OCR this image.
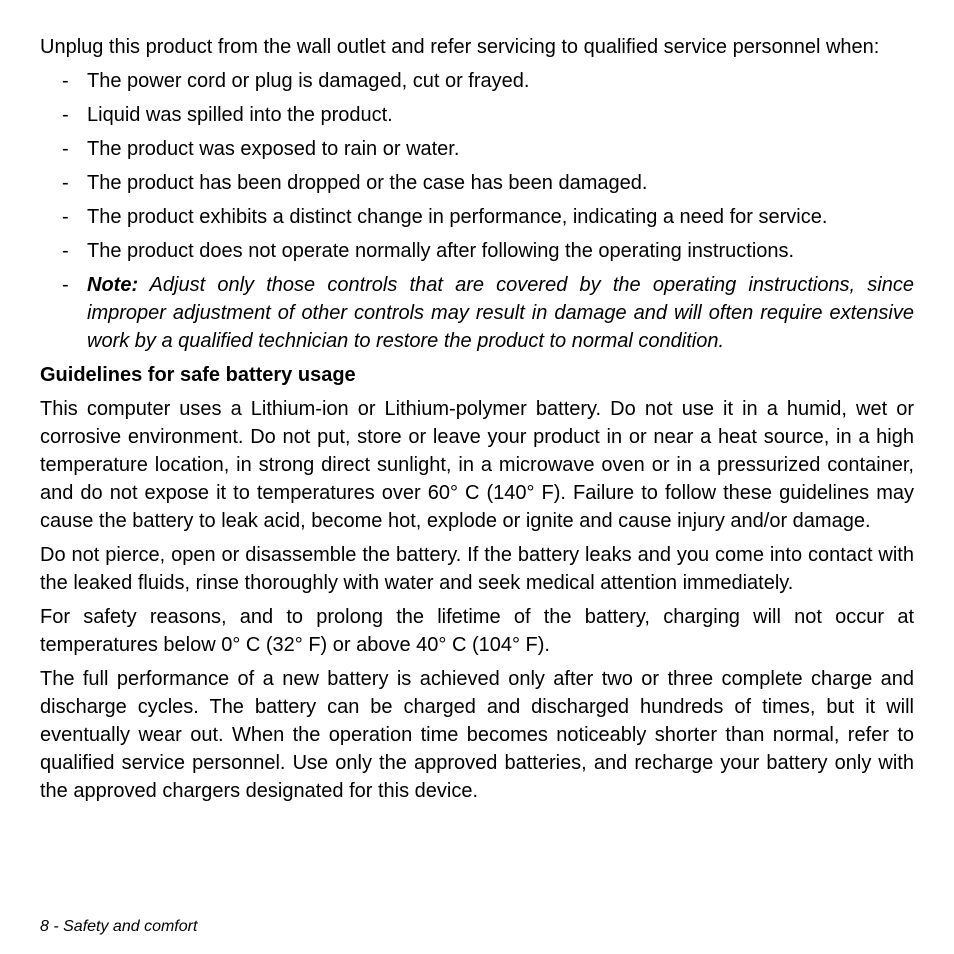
Unplug this product from the wall outlet and refer servicing to qualified service personnel when:

- The power cord or plug is damaged, cut or frayed.
- Liquid was spilled into the product.
- The product was exposed to rain or water.
- The product has been dropped or the case has been damaged.
- The product exhibits a distinct change in performance, indicating a need for service.
- The product does not operate normally after following the operating instructions.
- Note: Adjust only those controls that are covered by the operating instructions, since improper adjustment of other controls may result in damage and will often require extensive work by a qualified technician to restore the product to normal condition.
Guidelines for safe battery usage

This computer uses a Lithium-ion or Lithium-polymer battery. Do not use it in a humid, wet or corrosive environment. Do not put, store or leave your product in or near a heat source, in a high temperature location, in strong direct sunlight, in a microwave oven or in a pressurized container, and do not expose it to temperatures over 60° C (140° F). Failure to follow these guidelines may cause the battery to leak acid, become hot, explode or ignite and cause injury and/or damage.

Do not pierce, open or disassemble the battery. If the battery leaks and you come into contact with the leaked fluids, rinse thoroughly with water and seek medical attention immediately.

For safety reasons, and to prolong the lifetime of the battery, charging will not occur at temperatures below 0° C (32° F) or above 40° C (104° F).

The full performance of a new battery is achieved only after two or three complete charge and discharge cycles. The battery can be charged and discharged hundreds of times, but it will eventually wear out. When the operation time becomes noticeably shorter than normal, refer to qualified service personnel. Use only the approved batteries, and recharge your battery only with the approved chargers designated for this device.

8 - Safety and comfort
